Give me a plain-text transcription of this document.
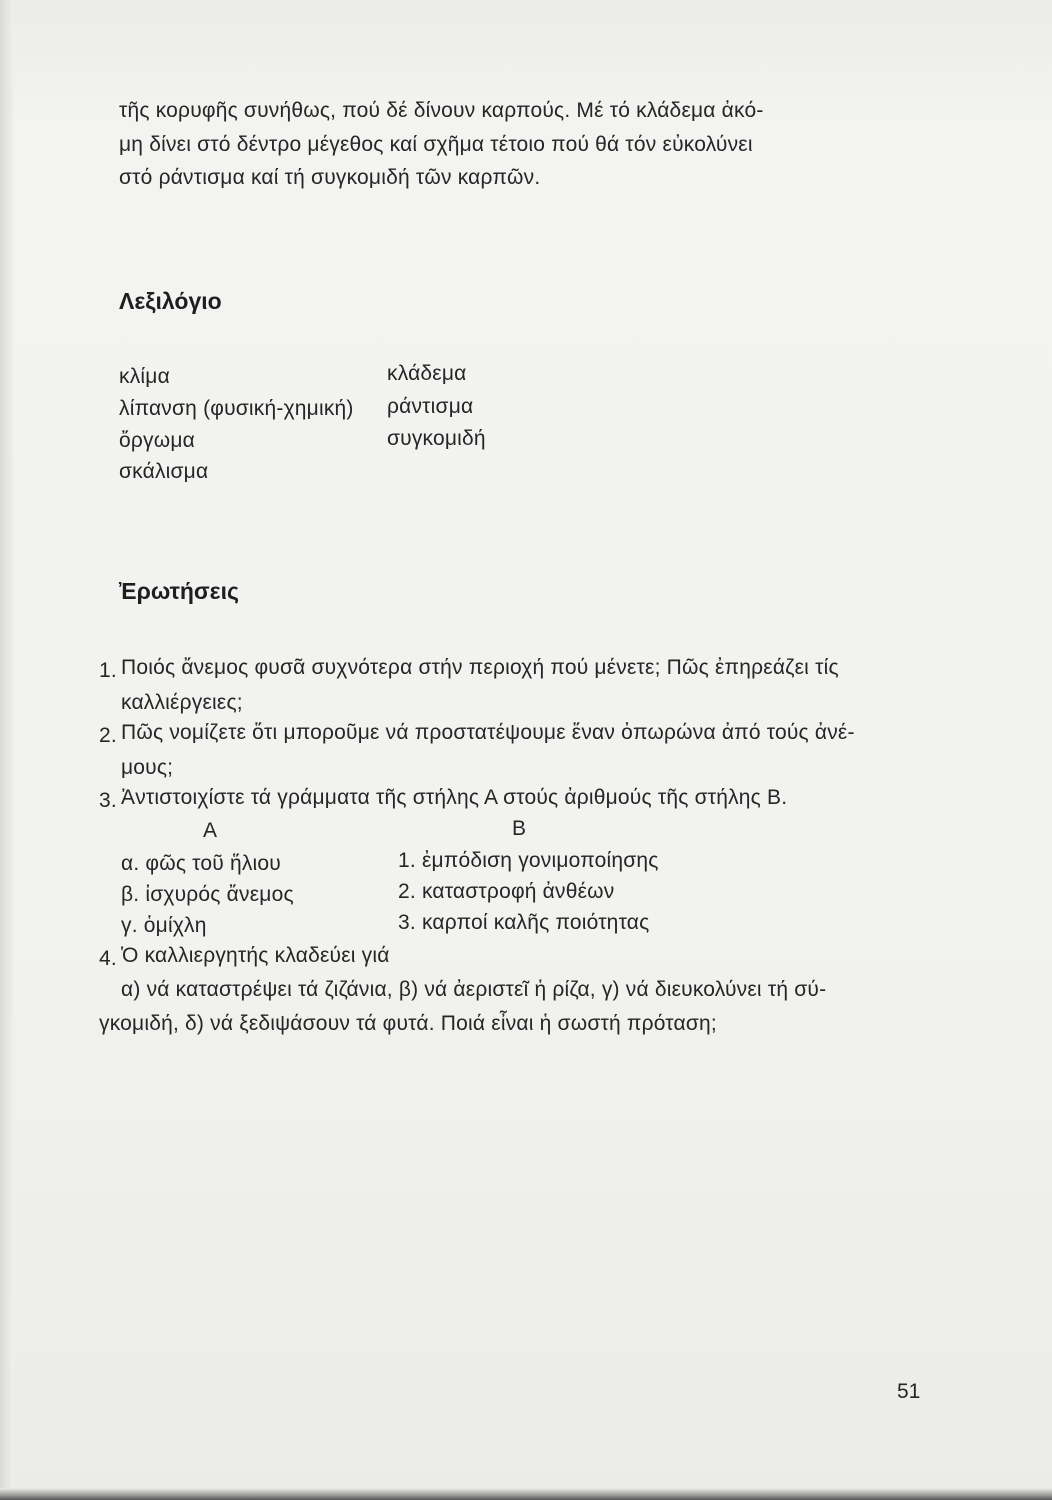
τῆς κορυφῆς συνήθως, πού δέ δίνουν καρπούς. Μέ τό κλάδεμα ἀκό-
μη δίνει στό δέντρο μέγεθος καί σχῆμα τέτοιο πού θά τόν εὐκολύνει
στό ράντισμα καί τή συγκομιδή τῶν καρπῶν.
Λεξιλόγιο
κλίμα
λίπανση (φυσική-χημική)
ὄργωμα
σκάλισμα
κλάδεμα
ράντισμα
συγκομιδή
Ἐρωτήσεις
1. Ποιός ἄνεμος φυσᾶ συχνότερα στήν περιοχή πού μένετε; Πῶς ἐπηρεάζει τίς
καλλιέργειες;
2. Πῶς νομίζετε ὅτι μποροῦμε νά προστατέψουμε ἕναν ὀπωρώνα ἀπό τούς ἀνέ-
μους;
3. Ἀντιστοιχίστε τά γράμματα τῆς στήλης Α στούς ἀριθμούς τῆς στήλης Β.
Α	Β
α. φῶς τοῦ ἥλιου
β. ἰσχυρός ἄνεμος
γ. ὁμίχλη
1. ἐμπόδιση γονιμοποίησης
2. καταστροφή ἀνθέων
3. καρποί καλῆς ποιότητας
4. Ὁ καλλιεργητής κλαδεύει γιά
α) νά καταστρέψει τά ζιζάνια, β) νά ἀεριστεῖ ἡ ρίζα, γ) νά διευκολύνει τή σύ-
γκομιδή, δ) νά ξεδιψάσουν τά φυτά. Ποιά εἶναι ἡ σωστή πρόταση;
51
